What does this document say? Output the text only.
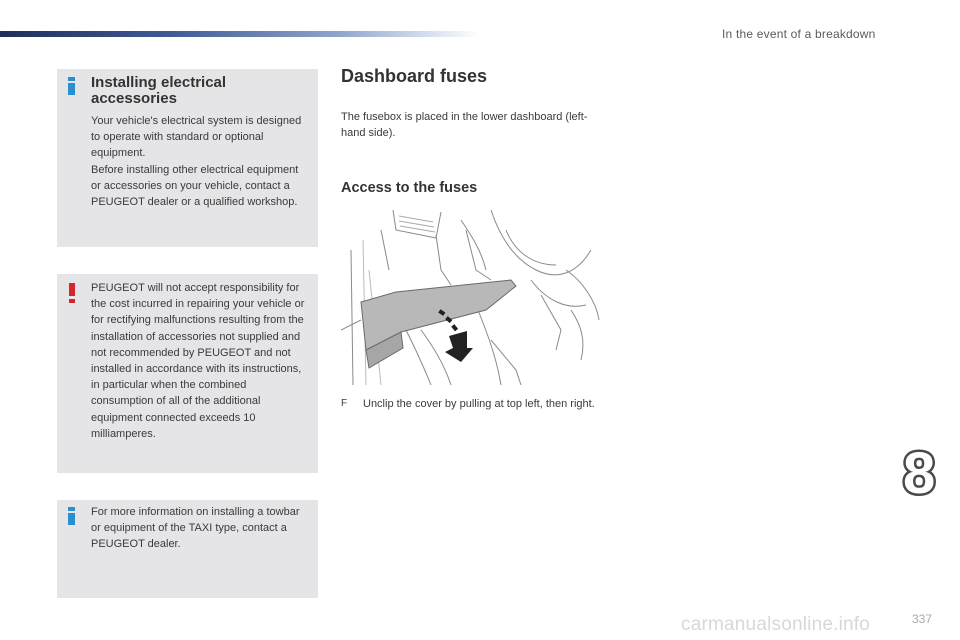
In the event of a breakdown
Installing electrical accessories

Your vehicle's electrical system is designed to operate with standard or optional equipment.

Before installing other electrical equipment or accessories on your vehicle, contact a PEUGEOT dealer or a qualified workshop.

PEUGEOT will not accept responsibility for the cost incurred in repairing your vehicle or for rectifying malfunctions resulting from the installation of accessories not supplied and not recommended by PEUGEOT and not installed in accordance with its instructions, in particular when the combined consumption of all of the additional equipment connected exceeds 10 milliamperes.

For more information on installing a towbar or equipment of the TAXI type, contact a PEUGEOT dealer.

Dashboard fuses
The fusebox is placed in the lower dashboard (left-hand side).
Access to the fuses
F Unclip the cover by pulling at top left, then right.
8
carmanualsonline.info	337
